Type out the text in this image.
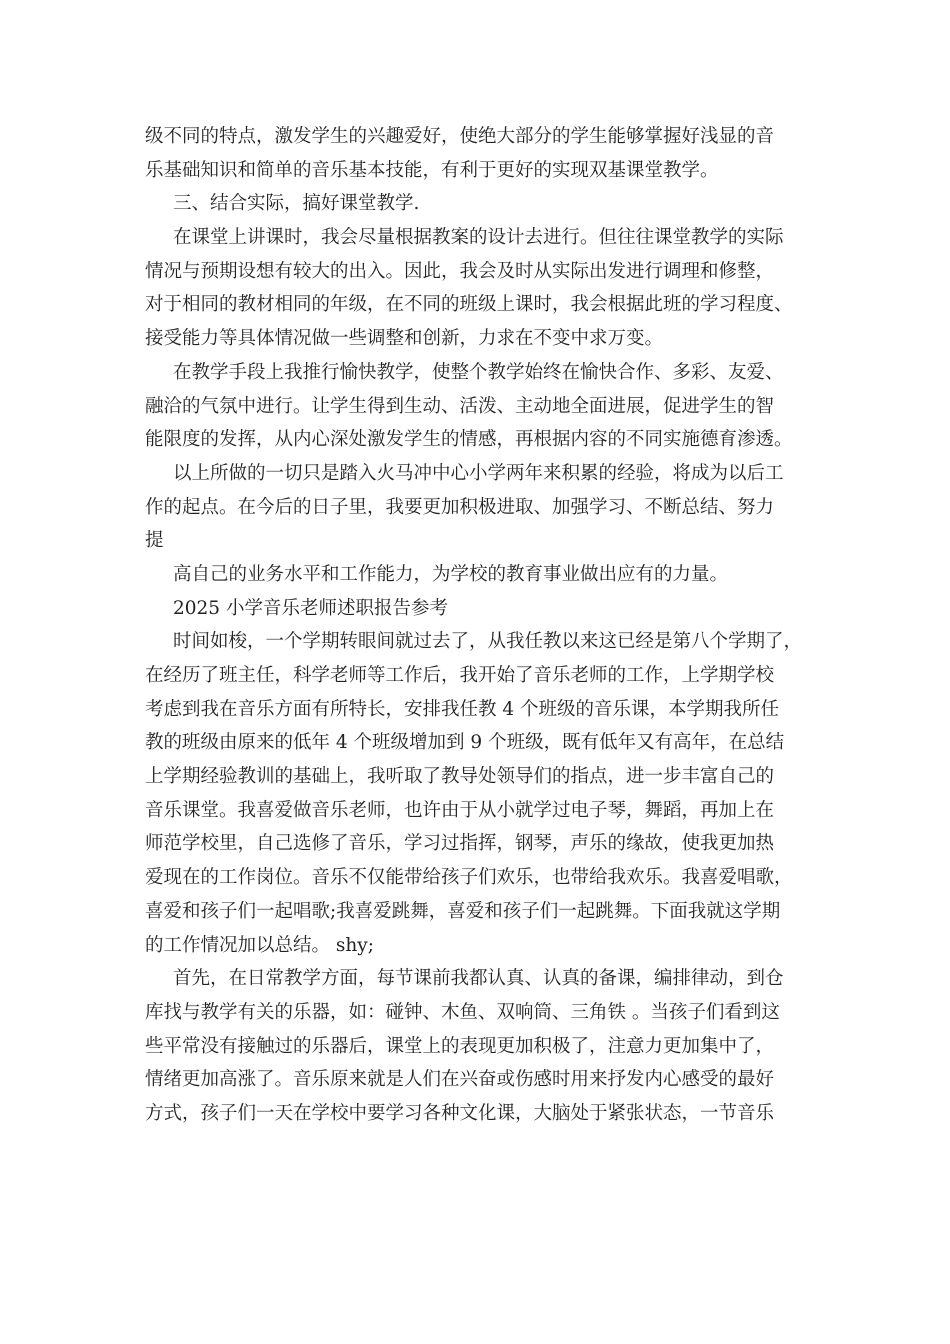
级不同的特点，激发学生的兴趣爱好，使绝大部分的学生能够掌握好浅显的音
乐基础知识和简单的音乐基本技能，有利于更好的实现双基课堂教学。
三、结合实际，搞好课堂教学.
在课堂上讲课时，我会尽量根据教案的设计去进行。但往往课堂教学的实际
情况与预期设想有较大的出入。因此，我会及时从实际出发进行调理和修整，
对于相同的教材相同的年级，在不同的班级上课时，我会根据此班的学习程度、
接受能力等具体情况做一些调整和创新，力求在不变中求万变。
在教学手段上我推行愉快教学，使整个教学始终在愉快合作、多彩、友爱、
融洽的气氛中进行。让学生得到生动、活泼、主动地全面进展，促进学生的智
能限度的发挥，从内心深处激发学生的情感，再根据内容的不同实施德育渗透。
以上所做的一切只是踏入火马冲中心小学两年来积累的经验，将成为以后工
作的起点。在今后的日子里，我要更加积极进取、加强学习、不断总结、努力
提
高自己的业务水平和工作能力，为学校的教育事业做出应有的力量。
2025 小学音乐老师述职报告参考
时间如梭，一个学期转眼间就过去了，从我任教以来这已经是第八个学期了，
在经历了班主任，科学老师等工作后，我开始了音乐老师的工作，上学期学校
考虑到我在音乐方面有所特长，安排我任教 4 个班级的音乐课，本学期我所任
教的班级由原来的低年 4 个班级增加到 9 个班级，既有低年又有高年，在总结
上学期经验教训的基础上，我听取了教导处领导们的指点，进一步丰富自己的
音乐课堂。我喜爱做音乐老师，也许由于从小就学过电子琴，舞蹈，再加上在
师范学校里，自己选修了音乐，学习过指挥，钢琴，声乐的缘故，使我更加热
爱现在的工作岗位。音乐不仅能带给孩子们欢乐，也带给我欢乐。我喜爱唱歌，
喜爱和孩子们一起唱歌;我喜爱跳舞，喜爱和孩子们一起跳舞。下面我就这学期
的工作情况加以总结。 shy;
首先，在日常教学方面，每节课前我都认真、认真的备课，编排律动，到仓
库找与教学有关的乐器，如：碰钟、木鱼、双响筒、三角铁 。当孩子们看到这
些平常没有接触过的乐器后，课堂上的表现更加积极了，注意力更加集中了，
情绪更加高涨了。音乐原来就是人们在兴奋或伤感时用来抒发内心感受的最好
方式，孩子们一天在学校中要学习各种文化课，大脑处于紧张状态，一节音乐
